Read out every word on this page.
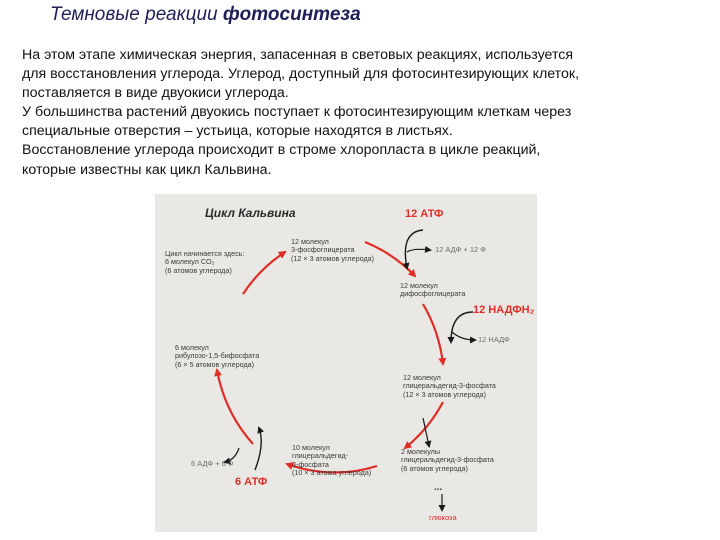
Темновые реакции фотосинтеза

На этом этапе химическая энергия, запасенная в световых реакциях, используется
для восстановления углерода. Углерод, доступный для фотосинтезирующих клеток,
поставляется в виде двуокиси углерода.
У большинства растений двуокись поступает к фотосинтезирующим клеткам через
специальные отверстия – устьица, которые находятся в листьях.
Восстановление углерода происходит в строме хлоропласта в цикле реакций,
которые известны как цикл Кальвина.

Цикл Кальвина
Цикл начинается здесь:
6 молекул CO₂
(6 атомов углерода)
12 молекул
3-фосфоглицерата
(12 × 3 атомов углерода)
12 АТФ
12 АДФ + 12 Ф
12 молекул
дифосфоглицерата
12 НАДФН₂
12 НАДФ
12 молекул
глицеральдегид-3-фосфата
(12 × 3 атомов углерода)
2 молекулы
глицеральдегид-3-фосфата
(6 атомов углерода)
10 молекул
глицеральдегид-
3-фосфата
(10 × 3 атома углерода)
6 молекул
рибулозо-1,5-бифосфата
(6 × 5 атомов углерода)
6 АДФ + 6 Ф
6 АТФ	...
глюкоза
